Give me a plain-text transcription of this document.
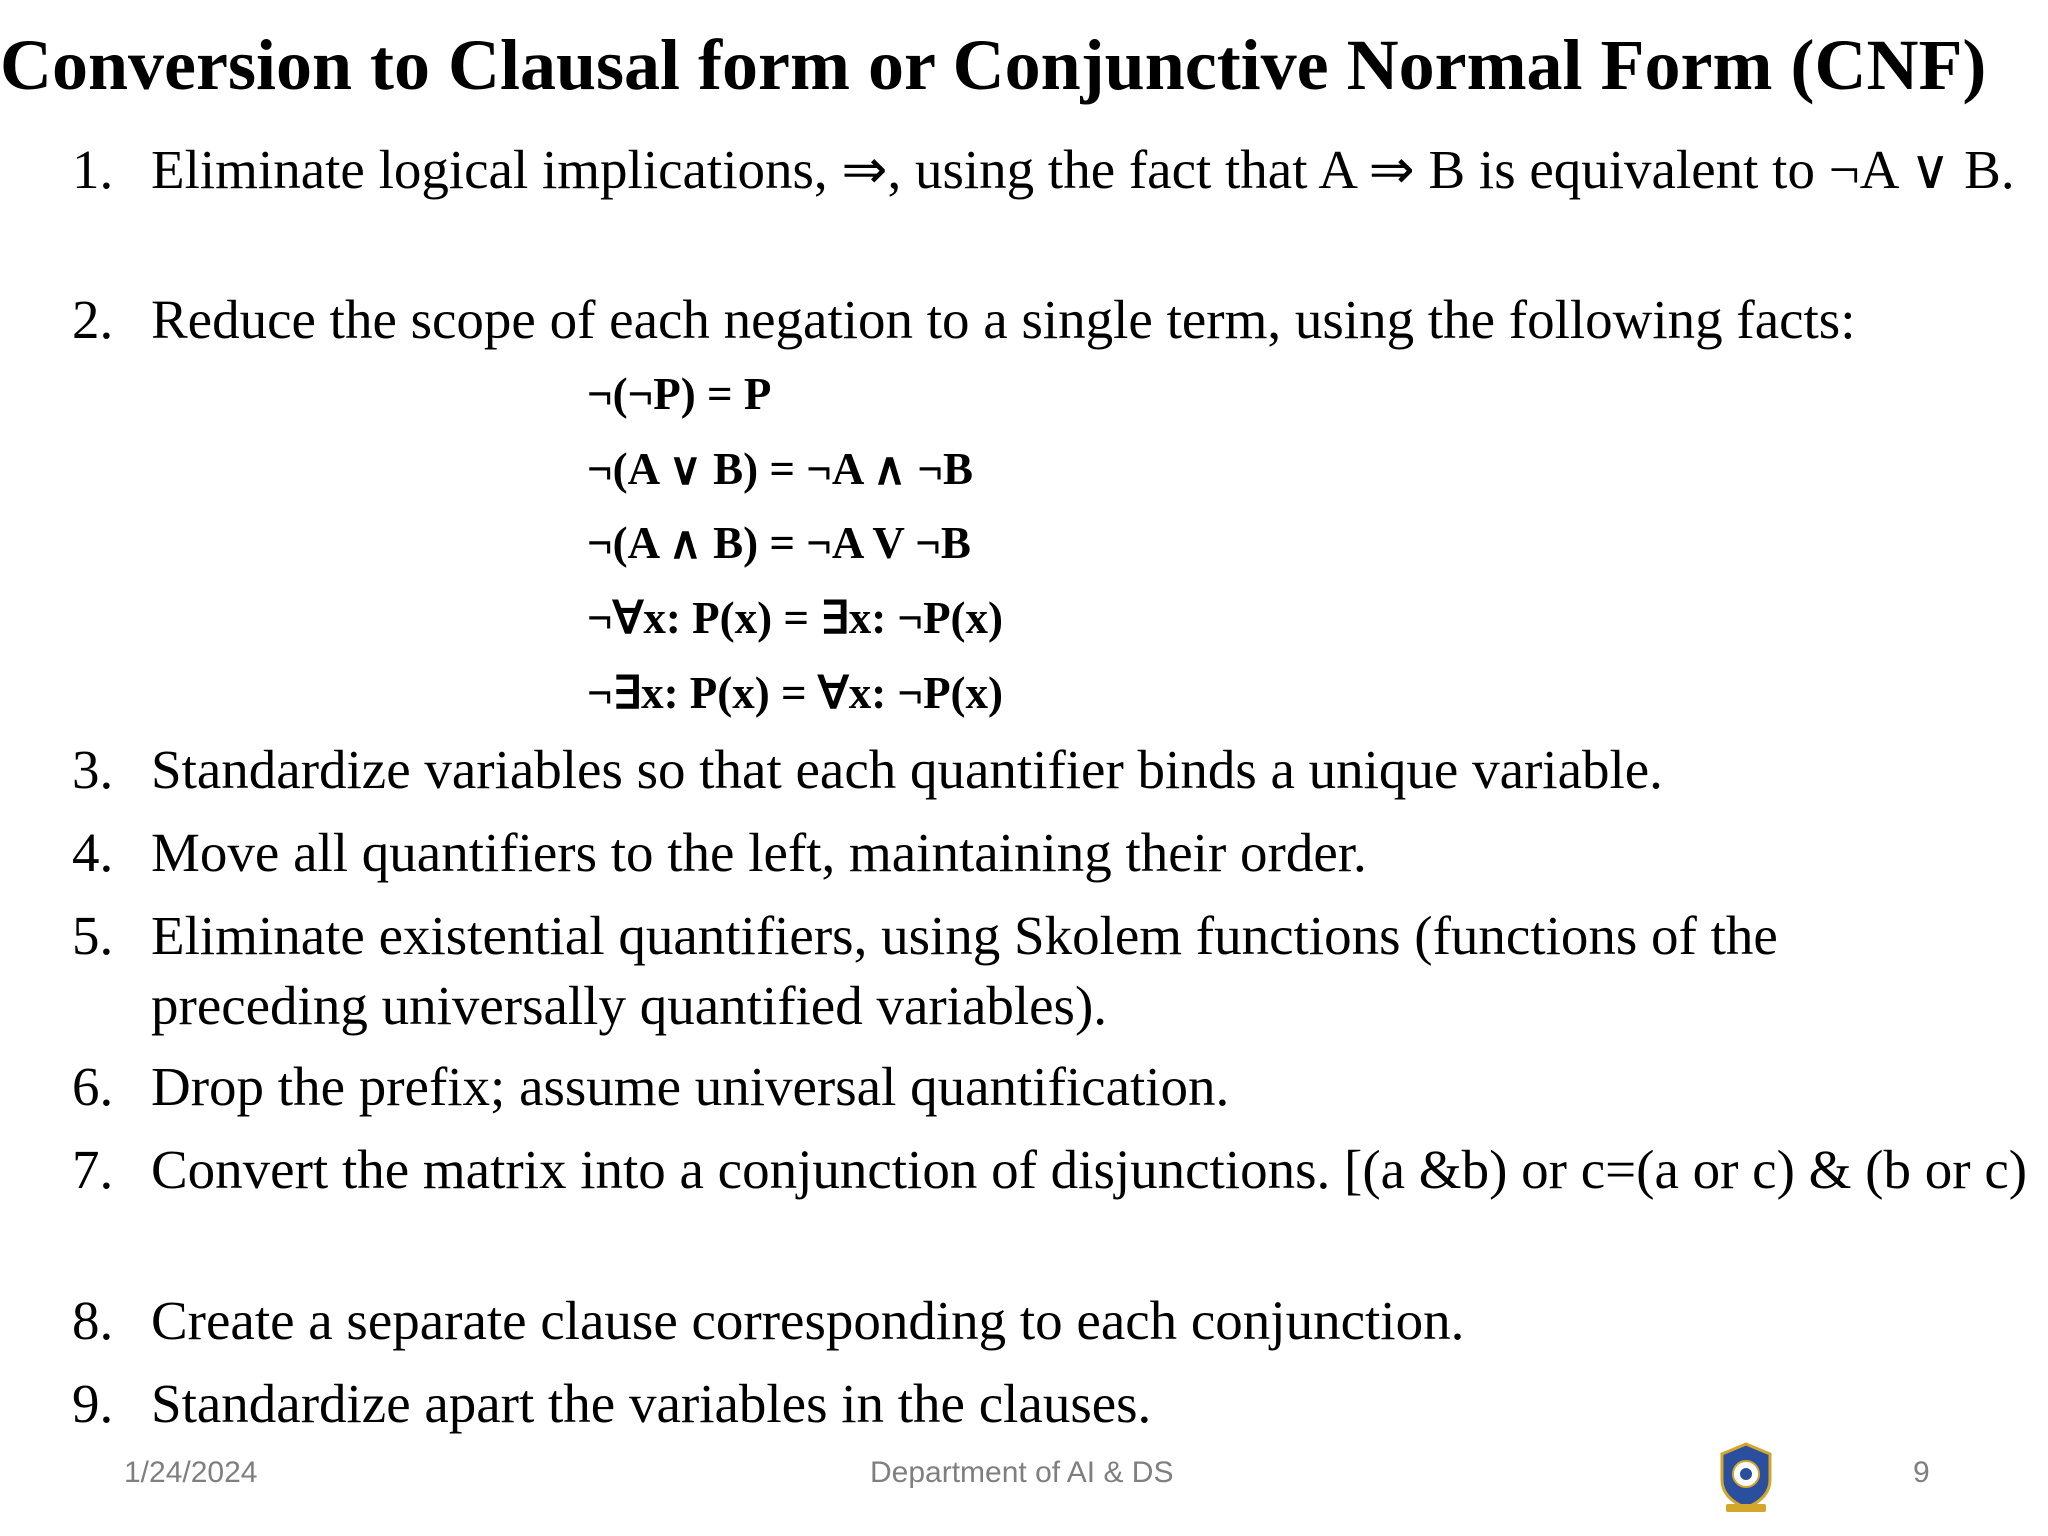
Conversion to Clausal form or Conjunctive Normal Form (CNF)
1. Eliminate logical implications, ⇒, using the fact that A ⇒ B is equivalent to ¬A ∨ B.
2. Reduce the scope of each negation to a single term, using the following facts:
¬(¬P) = P
¬(A ∨ B) = ¬A ∧ ¬B
¬(A ∧ B) = ¬A V ¬B
¬∀x: P(x) = ∃x: ¬P(x)
¬∃x: P(x) = ∀x: ¬P(x)
3. Standardize variables so that each quantifier binds a unique variable.
4. Move all quantifiers to the left, maintaining their order.
5. Eliminate existential quantifiers, using Skolem functions (functions of the preceding universally quantified variables).
6. Drop the prefix; assume universal quantification.
7. Convert the matrix into a conjunction of disjunctions. [(a &b) or c=(a or c) & (b or c)
8. Create a separate clause corresponding to each conjunction.
9. Standardize apart the variables in the clauses.
1/24/2024	Department of AI & DS	9
